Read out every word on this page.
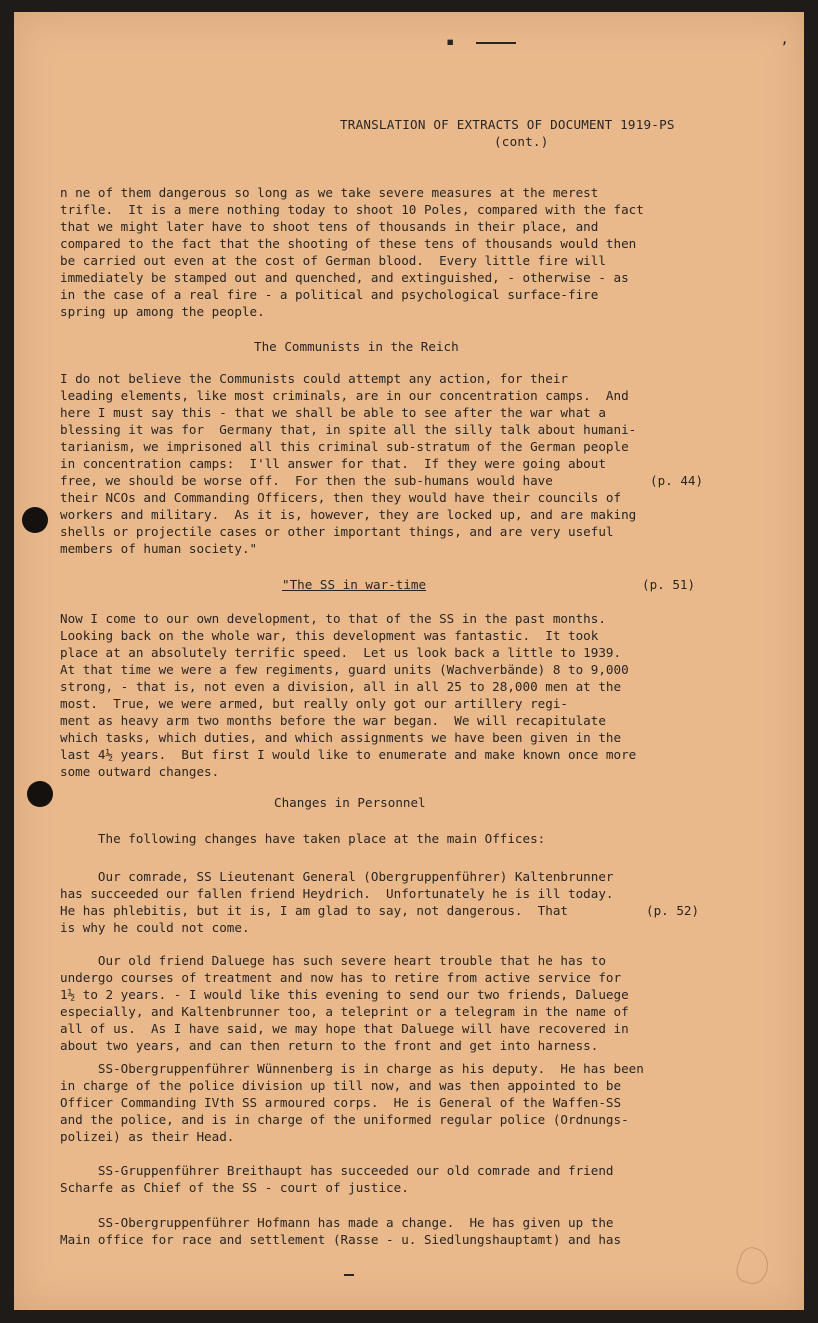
▪	ʼ
TRANSLATION OF EXTRACTS OF DOCUMENT 1919-PS
(cont.)

n ne of them dangerous so long as we take severe measures at the merest
trifle.  It is a mere nothing today to shoot 10 Poles, compared with the fact
that we might later have to shoot tens of thousands in their place, and
compared to the fact that the shooting of these tens of thousands would then
be carried out even at the cost of German blood.  Every little fire will
immediately be stamped out and quenched, and extinguished, - otherwise - as
in the case of a real fire - a political and psychological surface-fire
spring up among the people.

The Communists in the Reich

I do not believe the Communists could attempt any action, for their
leading elements, like most criminals, are in our concentration camps.  And
here I must say this - that we shall be able to see after the war what a
blessing it was for  Germany that, in spite all the silly talk about humani-
tarianism, we imprisoned all this criminal sub-stratum of the German people
in concentration camps:  I'll answer for that.  If they were going about
free, we should be worse off.  For then the sub-humans would have
their NCOs and Commanding Officers, then they would have their councils of
workers and military.  As it is, however, they are locked up, and are making
shells or projectile cases or other important things, and are very useful
members of human society."

(p. 44)
"The SS in war-time	(p. 51)

Now I come to our own development, to that of the SS in the past months.
Looking back on the whole war, this development was fantastic.  It took
place at an absolutely terrific speed.  Let us look back a little to 1939.
At that time we were a few regiments, guard units (Wachverbände) 8 to 9,000
strong, - that is, not even a division, all in all 25 to 28,000 men at the
most.  True, we were armed, but really only got our artillery regi-
ment as heavy arm two months before the war began.  We will recapitulate
which tasks, which duties, and which assignments we have been given in the
last 4½ years.  But first I would like to enumerate and make known once more
some outward changes.

Changes in Personnel

The following changes have taken place at the main Offices:

Our comrade, SS Lieutenant General (Obergruppenführer) Kaltenbrunner
has succeeded our fallen friend Heydrich.  Unfortunately he is ill today.
He has phlebitis, but it is, I am glad to say, not dangerous.  That
is why he could not come.

(p. 52)

Our old friend Daluege has such severe heart trouble that he has to
undergo courses of treatment and now has to retire from active service for
1½ to 2 years. - I would like this evening to send our two friends, Daluege
especially, and Kaltenbrunner too, a teleprint or a telegram in the name of
all of us.  As I have said, we may hope that Daluege will have recovered in
about two years, and can then return to the front and get into harness.

SS-Obergruppenführer Wünnenberg is in charge as his deputy.  He has been
in charge of the police division up till now, and was then appointed to be
Officer Commanding IVth SS armoured corps.  He is General of the Waffen-SS
and the police, and is in charge of the uniformed regular police (Ordnungs-
polizei) as their Head.

SS-Gruppenführer Breithaupt has succeeded our old comrade and friend
Scharfe as Chief of the SS - court of justice.

SS-Obergruppenführer Hofmann has made a change.  He has given up the
Main office for race and settlement (Rasse - u. Siedlungshauptamt) and has
